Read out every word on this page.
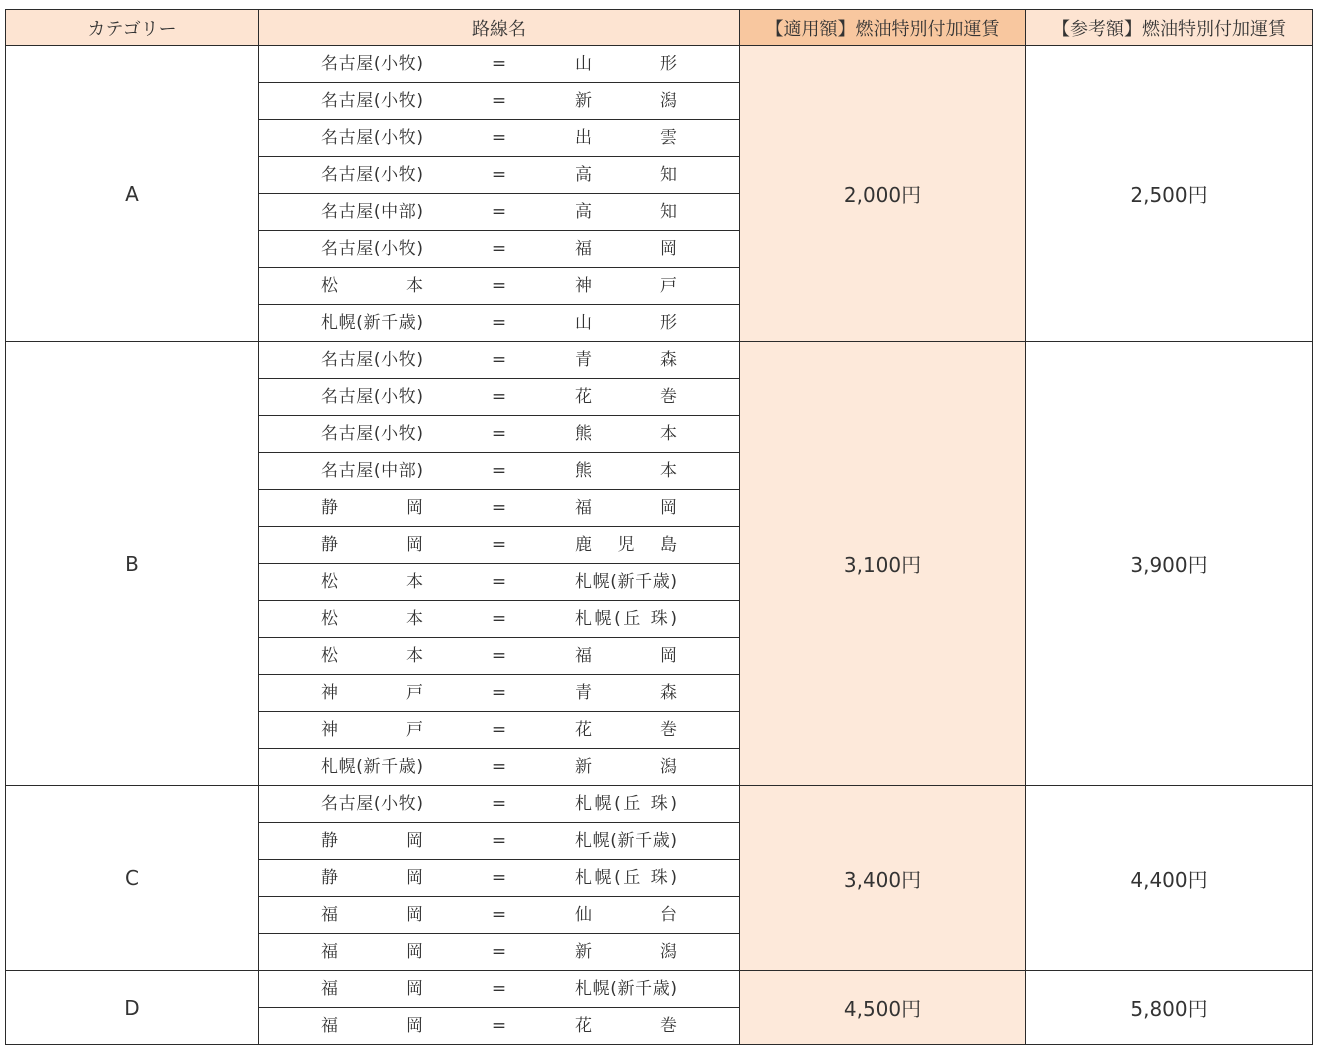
カテゴリー	路線名	【適用額】燃油特別付加運賃	【参考額】燃油特別付加運賃
A	名古屋(小牧) = 山 形	2,000円	2,500円

	名古屋(小牧) = 新 潟		

	名古屋(小牧) = 出 雲		

	名古屋(小牧) = 高 知		

	名古屋(中部) = 高 知		

	名古屋(小牧) = 福 岡		

	松 本 = 神 戸		

	札幌(新千歳) = 山 形		

B	名古屋(小牧) = 青 森	3,100円	3,900円

	名古屋(小牧) = 花 巻		

	名古屋(小牧) = 熊 本		

	名古屋(中部) = 熊 本		

	静 岡 = 福 岡		

	静 岡 = 鹿 児 島		

	松 本 = 札幌(新千歳)		

	松 本 = 札幌(丘 珠)		

	松 本 = 福 岡		

	神 戸 = 青 森		

	神 戸 = 花 巻		

	札幌(新千歳) = 新 潟		

C	名古屋(小牧) = 札幌(丘 珠)	3,400円	4,400円

	静 岡 = 札幌(新千歳)		

	静 岡 = 札幌(丘 珠)		

	福 岡 = 仙 台		

	福 岡 = 新 潟		

D	福 岡 = 札幌(新千歳)	4,500円	5,800円

	福 岡 = 花 巻		
